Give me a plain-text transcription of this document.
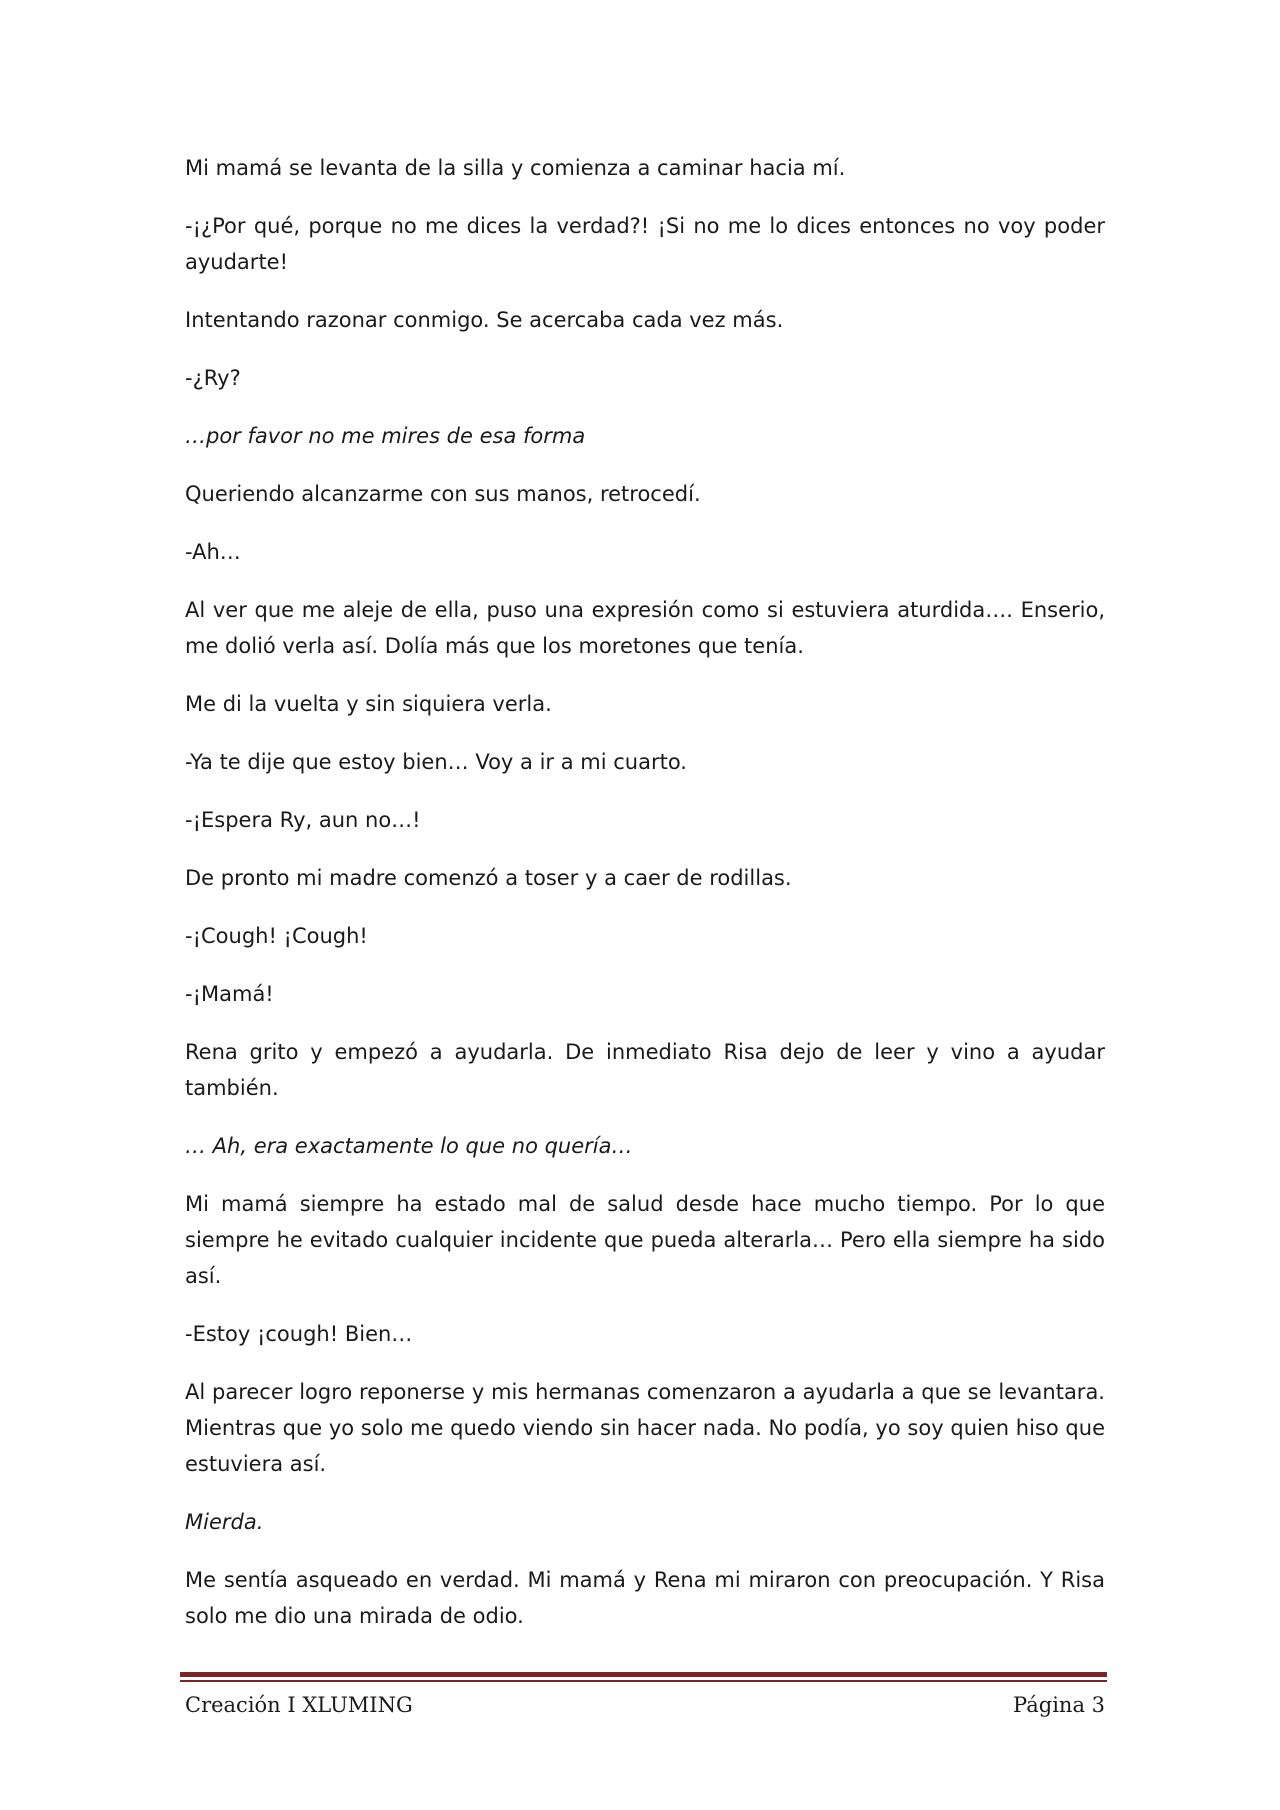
Mi mamá se levanta de la silla y comienza a caminar hacia mí.

-¡¿Por qué, porque no me dices la verdad?! ¡Si no me lo dices entonces no voy poder ayudarte!

Intentando razonar conmigo. Se acercaba cada vez más.

-¿Ry?

…por favor no me mires de esa forma

Queriendo alcanzarme con sus manos, retrocedí.

-Ah…

Al ver que me aleje de ella, puso una expresión como si estuviera aturdida…. Enserio, me dolió verla así. Dolía más que los moretones que tenía.

Me di la vuelta y sin siquiera verla.

-Ya te dije que estoy bien… Voy a ir a mi cuarto.

-¡Espera Ry, aun no…!

De pronto mi madre comenzó a toser y a caer de rodillas.

-¡Cough! ¡Cough!

-¡Mamá!

Rena grito y empezó a ayudarla. De inmediato Risa dejo de leer y vino a ayudar también.

… Ah, era exactamente lo que no quería…

Mi mamá siempre ha estado mal de salud desde hace mucho tiempo. Por lo que siempre he evitado cualquier incidente que pueda alterarla… Pero ella siempre ha sido así.

-Estoy ¡cough! Bien…

Al parecer logro reponerse y mis hermanas comenzaron a ayudarla a que se levantara. Mientras que yo solo me quedo viendo sin hacer nada. No podía, yo soy quien hiso que estuviera así.

Mierda.

Me sentía asqueado en verdad. Mi mamá y Rena mi miraron con preocupación. Y Risa solo me dio una mirada de odio.

Creación I XLUMING	Página 3
